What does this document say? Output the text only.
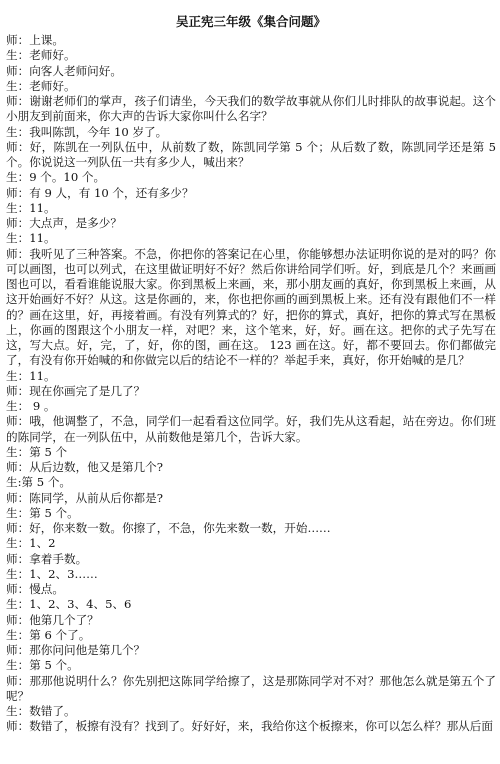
吴正宪三年级《集合问题》
师：上课。
生：老师好。
师：向客人老师问好。
生：老师好。
师：谢谢老师们的掌声，孩子们请坐，今天我们的数学故事就从你们儿时排队的故事说起。这个小朋友到前面来，你大声的告诉大家你叫什么名字？
生：我叫陈凯，今年 10 岁了。
师：好，陈凯在一列队伍中，从前数了数，陈凯同学第 5 个；从后数了数，陈凯同学还是第 5 个。你说说这一列队伍一共有多少人，喊出来？
生：9 个。10 个。
师：有 9 人，有 10 个，还有多少？
生：11。
师：大点声，是多少？
生：11。
师：我听见了三种答案。不急，你把你的答案记在心里，你能够想办法证明你说的是对的吗？你可以画图，也可以列式，在这里做证明好不好？然后你讲给同学们听。好，到底是几个？来画画图也可以，看看谁能说服大家。你到黑板上来画，来，那小朋友画的真好，你到黑板上来画，从这开始画好不好？从这。这是你画的，来，你也把你画的画到黑板上来。还有没有跟他们不一样的？画在这里，好，再接着画。有没有列算式的？好，把你的算式，真好，把你的算式写在黑板上，你画的图跟这个小朋友一样，对吧？来，这个笔来，好，好。画在这。把你的式子先写在这，写大点。好，完，了，好，你的图，画在这。 123 画在这。好，都不要回去。你们都做完了，有没有你开始喊的和你做完以后的结论不一样的？举起手来，真好，你开始喊的是几？
生：11。
师：现在你画完了是几了？
生： 9 。
师：哦，他调整了，不急，同学们一起看看这位同学。好，我们先从这看起，站在旁边。你们班的陈同学，在一列队伍中，从前数他是第几个，告诉大家。
生：第 5 个
师：从后边数，他又是第几个?
生:第 5 个。
师：陈同学，从前从后你都是?
生：第 5 个。
师：好，你来数一数。你擦了，不急，你先来数一数，开始……
生：1、2
师：拿着手数。
生：1、2、3……
师：慢点。
生：1、2、3、4、5、6
师：他第几个了？
生：第 6 个了。
师：那你问问他是第几个？
生：第 5 个。
师：那那他说明什么？你先别把这陈同学给擦了，这是那陈同学对不对？那他怎么就是第五个了呢？
生：数错了。
师：数错了，板擦有没有？找到了。好好好，来，我给你这个板擦来，你可以怎么样？那从后面
